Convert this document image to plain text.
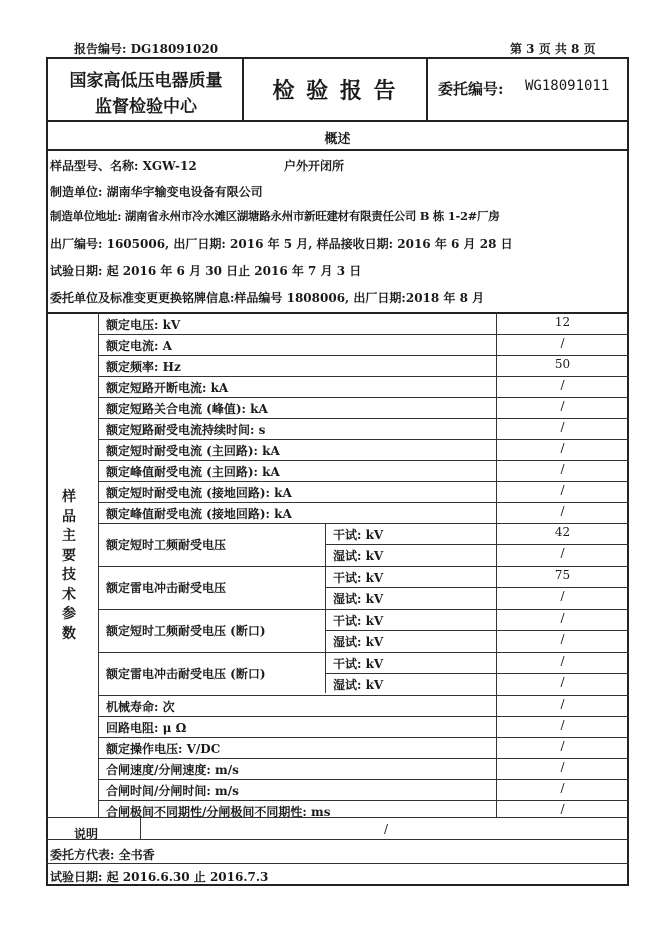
报告编号: DG18091020	第 3 页 共 8 页
国家高低压电器质量
监督检验中心
检 验 报 告	委托编号: WG18091011
概述
样品型号、名称: XGW-12	户外开闭所
制造单位: 湖南华宇输变电设备有限公司
制造单位地址: 湖南省永州市冷水滩区湖塘路永州市新旺建材有限责任公司 B 栋 1-2#厂房
出厂编号: 1605006, 出厂日期: 2016 年 5 月, 样品接收日期: 2016 年 6 月 28 日
试验日期: 起 2016 年 6 月 30 日止 2016 年 7 月 3 日
委托单位及标准变更更换铭牌信息:样品编号 1808006, 出厂日期:2018 年 8 月
样
品
主
要
技
术
参
数
额定电压: kV	12
额定电流: A	/
额定频率: Hz	50
额定短路开断电流: kA	/
额定短路关合电流 (峰值): kA	/
额定短路耐受电流持续时间: s	/
额定短时耐受电流 (主回路): kA	/
额定峰值耐受电流 (主回路): kA	/
额定短时耐受电流 (接地回路): kA	/
额定峰值耐受电流 (接地回路): kA	/
额定短时工频耐受电压
干试: kV	42
湿试: kV	/
额定雷电冲击耐受电压
干试: kV	75
湿试: kV	/
额定短时工频耐受电压 (断口)
干试: kV	/
湿试: kV	/
额定雷电冲击耐受电压 (断口)
干试: kV	/
湿试: kV	/
机械寿命: 次	/
回路电阻: μ Ω	/
额定操作电压: V/DC	/
合闸速度/分闸速度: m/s	/
合闸时间/分闸时间: m/s	/
合闸极间不同期性/分闸极间不同期性: ms	/
说明	/
委托方代表: 全书香
试验日期: 起 2016.6.30 止 2016.7.3
